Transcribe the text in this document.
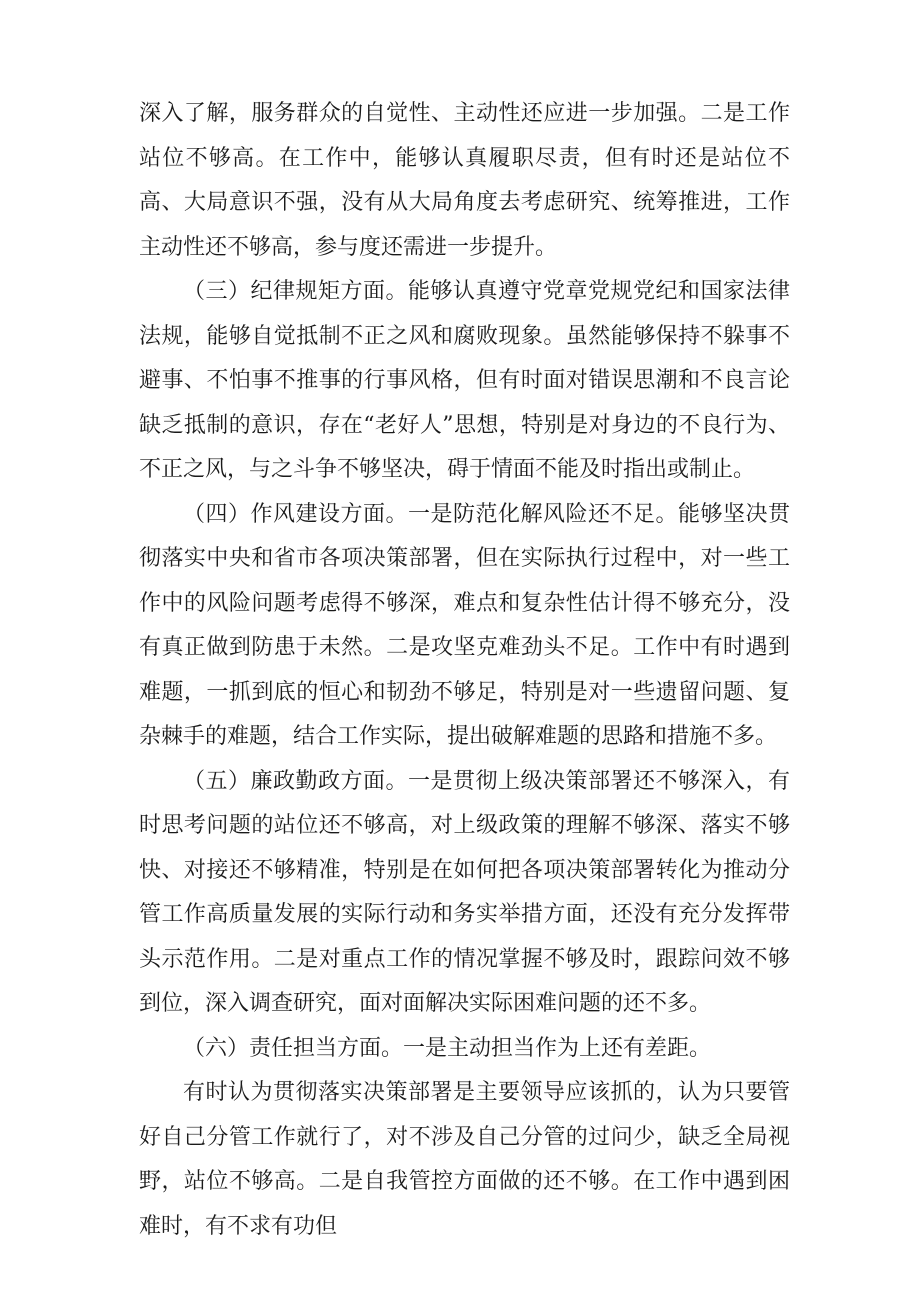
深入了解，服务群众的自觉性、主动性还应进一步加强。二是工作站位不够高。在工作中，能够认真履职尽责，但有时还是站位不高、大局意识不强，没有从大局角度去考虑研究、统筹推进，工作主动性还不够高，参与度还需进一步提升。

（三）纪律规矩方面。能够认真遵守党章党规党纪和国家法律法规，能够自觉抵制不正之风和腐败现象。虽然能够保持不躲事不避事、不怕事不推事的行事风格，但有时面对错误思潮和不良言论缺乏抵制的意识，存在“老好人”思想，特别是对身边的不良行为、不正之风，与之斗争不够坚决，碍于情面不能及时指出或制止。

（四）作风建设方面。一是防范化解风险还不足。能够坚决贯彻落实中央和省市各项决策部署，但在实际执行过程中，对一些工作中的风险问题考虑得不够深，难点和复杂性估计得不够充分，没有真正做到防患于未然。二是攻坚克难劲头不足。工作中有时遇到难题，一抓到底的恒心和韧劲不够足，特别是对一些遗留问题、复杂棘手的难题，结合工作实际，提出破解难题的思路和措施不多。

（五）廉政勤政方面。一是贯彻上级决策部署还不够深入，有时思考问题的站位还不够高，对上级政策的理解不够深、落实不够快、对接还不够精准，特别是在如何把各项决策部署转化为推动分管工作高质量发展的实际行动和务实举措方面，还没有充分发挥带头示范作用。二是对重点工作的情况掌握不够及时，跟踪问效不够到位，深入调查研究，面对面解决实际困难问题的还不多。

（六）责任担当方面。一是主动担当作为上还有差距。

有时认为贯彻落实决策部署是主要领导应该抓的，认为只要管好自己分管工作就行了，对不涉及自己分管的过问少，缺乏全局视野，站位不够高。二是自我管控方面做的还不够。在工作中遇到困难时，有不求有功但
